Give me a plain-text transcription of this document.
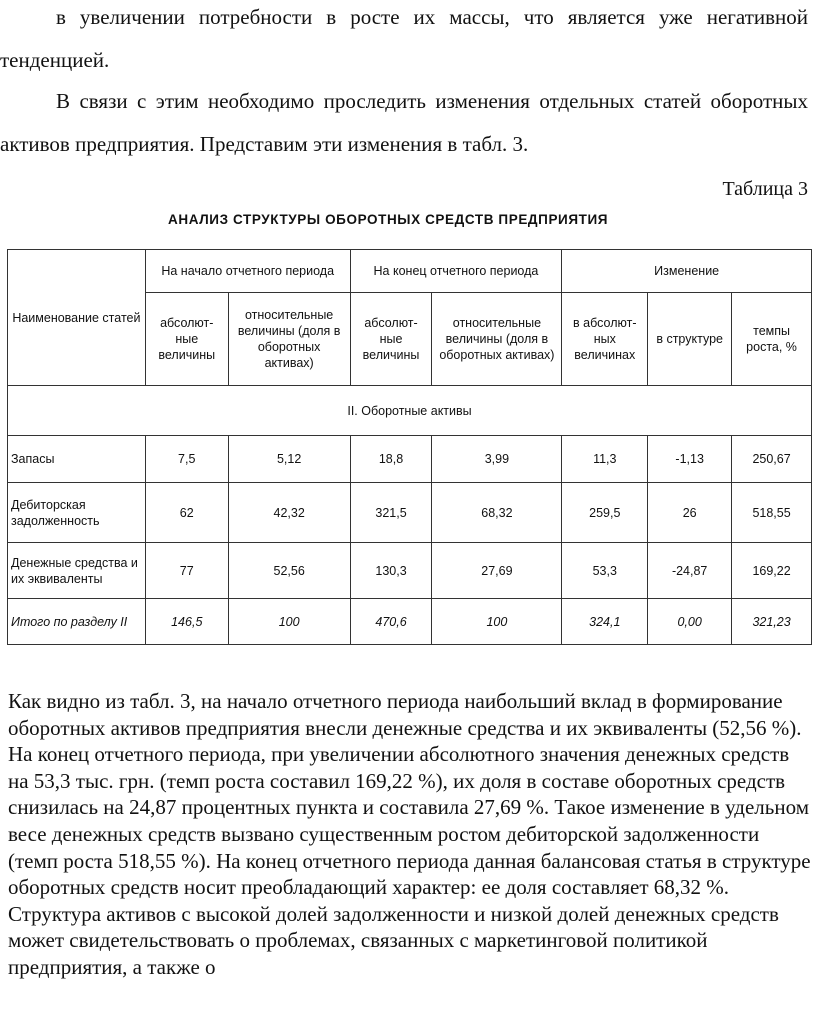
в увеличении потребности в росте их массы, что является уже негативной тенденцией.

В связи с этим необходимо проследить изменения отдельных статей оборотных активов предприятия. Представим эти изменения в табл. 3.

Таблица 3
АНАЛИЗ СТРУКТУРЫ ОБОРОТНЫХ СРЕДСТВ ПРЕДПРИЯТИЯ
Наименование статей	На начало отчетного периода		На конец отчетного периода		Изменение		
	абсолют-ные величины	относительные величины (доля в оборотных активах)	абсолют-ные величины	относительные величины (доля в оборотных активах)	в абсолют-ных величинах	в структуре	темпы роста, %
II. Оборотные активы							
Запасы	7,5	5,12	18,8	3,99	11,3	-1,13	250,67
Дебиторская задолженность	62	42,32	321,5	68,32	259,5	26	518,55
Денежные средства и их эквиваленты	77	52,56	130,3	27,69	53,3	-24,87	169,22
Итого по разделу II	146,5	100	470,6	100	324,1	0,00	321,23

Как видно из табл. 3, на начало отчетного периода наибольший вклад в формирование оборотных активов предприятия внесли денежные средства и их эквиваленты (52,56 %). На конец отчетного периода, при увеличении абсолютного значения денежных средств на 53,3 тыс. грн. (темп роста составил 169,22 %), их доля в составе оборотных средств снизилась на 24,87 процентных пункта и составила 27,69 %. Такое изменение в удельном весе денежных средств вызвано существенным ростом дебиторской задолженности (темп роста 518,55 %). На конец отчетного периода данная балансовая статья в структуре оборотных средств носит преобладающий характер: ее доля составляет 68,32 %. Структура активов с высокой долей задолженности и низкой долей денежных средств может свидетельствовать о проблемах, связанных с маркетинговой политикой предприятия, а также о
